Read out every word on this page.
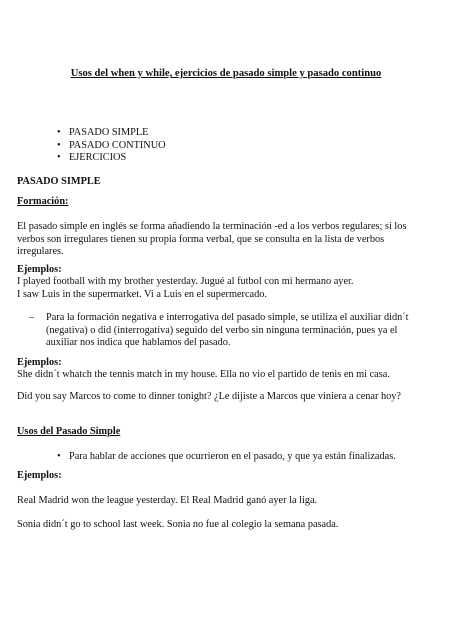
Usos del when y while, ejercicios de pasado simple y pasado continuo
• PASADO SIMPLE
• PASADO CONTINUO
• EJERCICIOS

PASADO SIMPLE

Formación:

El pasado simple en inglés se forma añadiendo la terminación -ed a los verbos regulares; si los verbos son irregulares tienen su propia forma verbal, que se consulta en la lista de verbos irregulares.

Ejemplos:

I played football with my brother yesterday. Jugué al futbol con mi hermano ayer.

I saw Luis in the supermarket. Vi a Luis en el supermercado.

–	Para la formación negativa e interrogativa del pasado simple, se utiliza el auxiliar didn´t (negativa) o did (interrogativa) seguido del verbo sin ninguna terminación, pues ya el auxiliar nos indica que hablamos del pasado.

Ejemplos:

She didn´t whatch the tennis match in my house. Ella no vio el partido de tenis en mi casa.

Did you say Marcos to come to dinner tonight? ¿Le dijiste a Marcos que viniera a cenar hoy?

Usos del Pasado Simple

• Para hablar de acciones que ocurrieron en el pasado, y que ya están finalizadas.

Ejemplos:

Real Madrid won the league yesterday. El Real Madrid ganó ayer la liga.

Sonia didn´t go to school last week. Sonia no fue al colegio la semana pasada.
